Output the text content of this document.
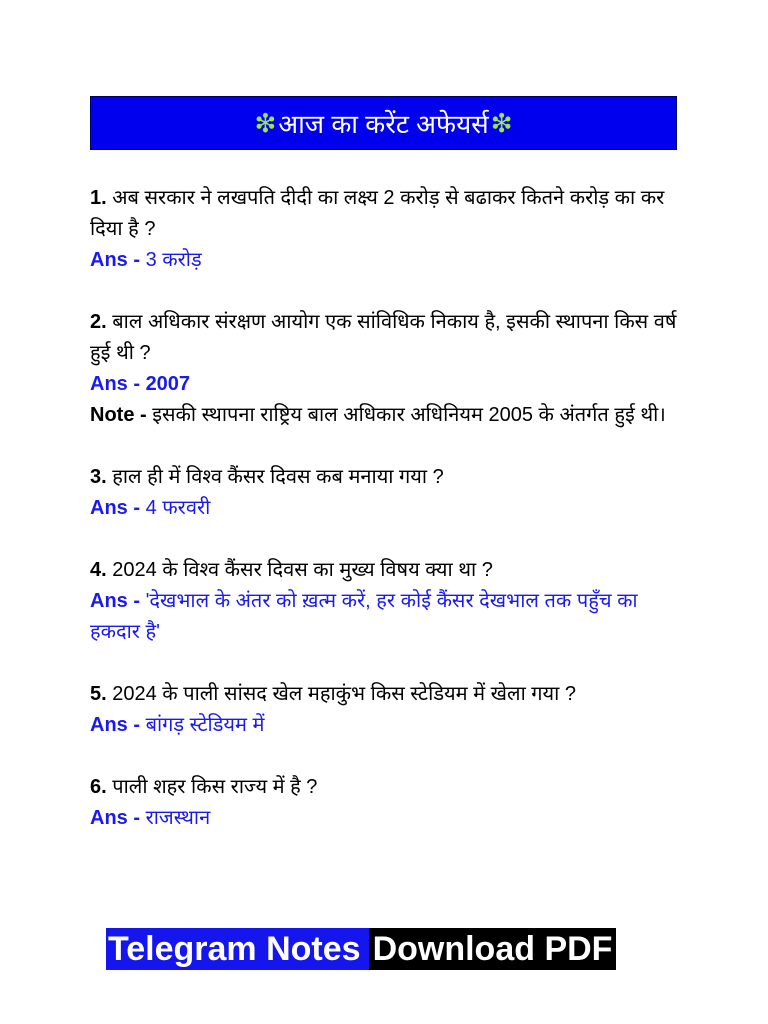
❇ आज का करेंट अफेयर्स ❇
1. अब सरकार ने लखपति दीदी का लक्ष्य 2 करोड़ से बढाकर कितने करोड़ का कर दिया है ?
Ans - 3 करोड़
2. बाल अधिकार संरक्षण आयोग एक सांविधिक निकाय है, इसकी स्थापना किस वर्ष हुई थी ?
Ans - 2007
Note - इसकी स्थापना राष्ट्रिय बाल अधिकार अधिनियम 2005 के अंतर्गत हुई थी।
3. हाल ही में विश्व कैंसर दिवस कब मनाया गया ?
Ans - 4 फरवरी
4. 2024 के विश्व कैंसर दिवस का मुख्य विषय क्या था ?
Ans - 'देखभाल के अंतर को ख़त्म करें, हर कोई कैंसर देखभाल तक पहुँच का हकदार है'
5. 2024 के पाली सांसद खेल महाकुंभ किस स्टेडियम में खेला गया ?
Ans - बांगड़ स्टेडियम में
6. पाली शहर किस राज्य में है ?
Ans - राजस्थान
Telegram Notes Download PDF
